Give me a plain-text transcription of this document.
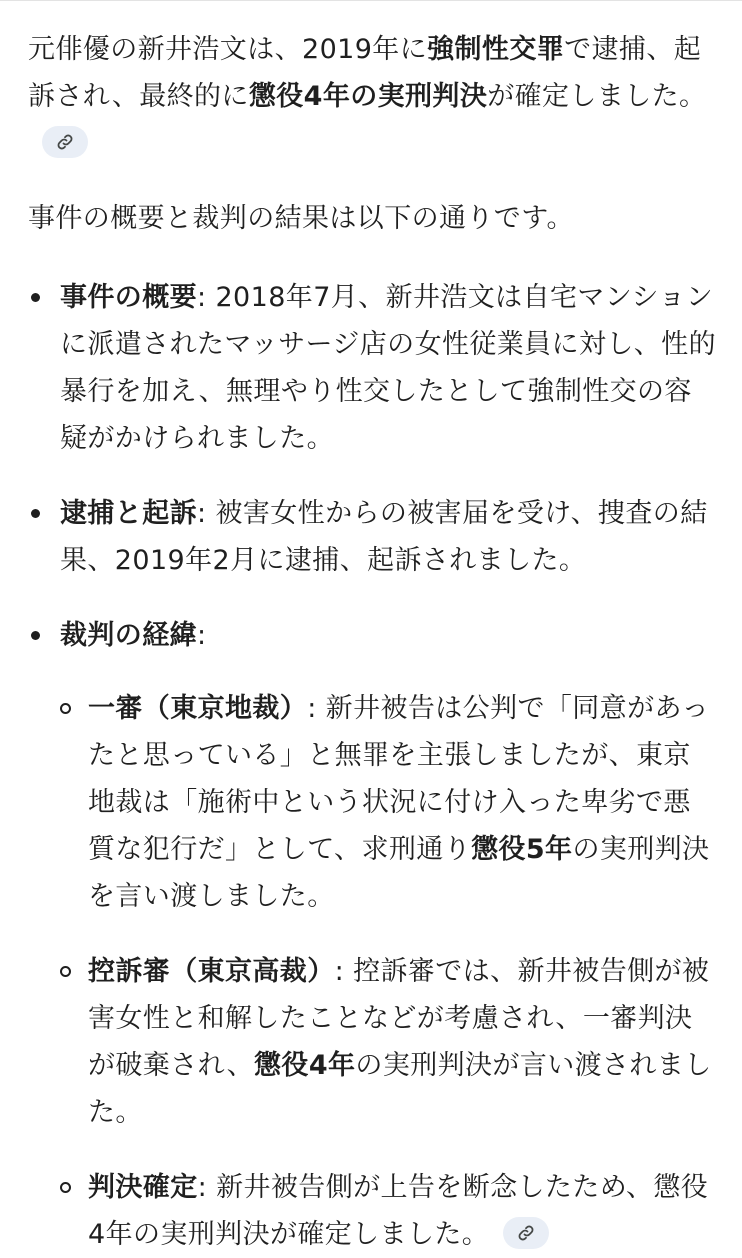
元俳優の新井浩文は、2019年に強制性交罪で逮捕、起訴され、最終的に懲役4年の実刑判決が確定しました。

事件の概要と裁判の結果は以下の通りです。

事件の概要: 2018年7月、新井浩文は自宅マンションに派遣されたマッサージ店の女性従業員に対し、性的暴行を加え、無理やり性交したとして強制性交の容疑がかけられました。
逮捕と起訴: 被害女性からの被害届を受け、捜査の結果、2019年2月に逮捕、起訴されました。
裁判の経緯:
一審（東京地裁）: 新井被告は公判で「同意があったと思っている」と無罪を主張しましたが、東京地裁は「施術中という状況に付け入った卑劣で悪質な犯行だ」として、求刑通り懲役5年の実刑判決を言い渡しました。
控訴審（東京高裁）: 控訴審では、新井被告側が被害女性と和解したことなどが考慮され、一審判決が破棄され、懲役4年の実刑判決が言い渡されました。
判決確定: 新井被告側が上告を断念したため、懲役4年の実刑判決が確定しました。
